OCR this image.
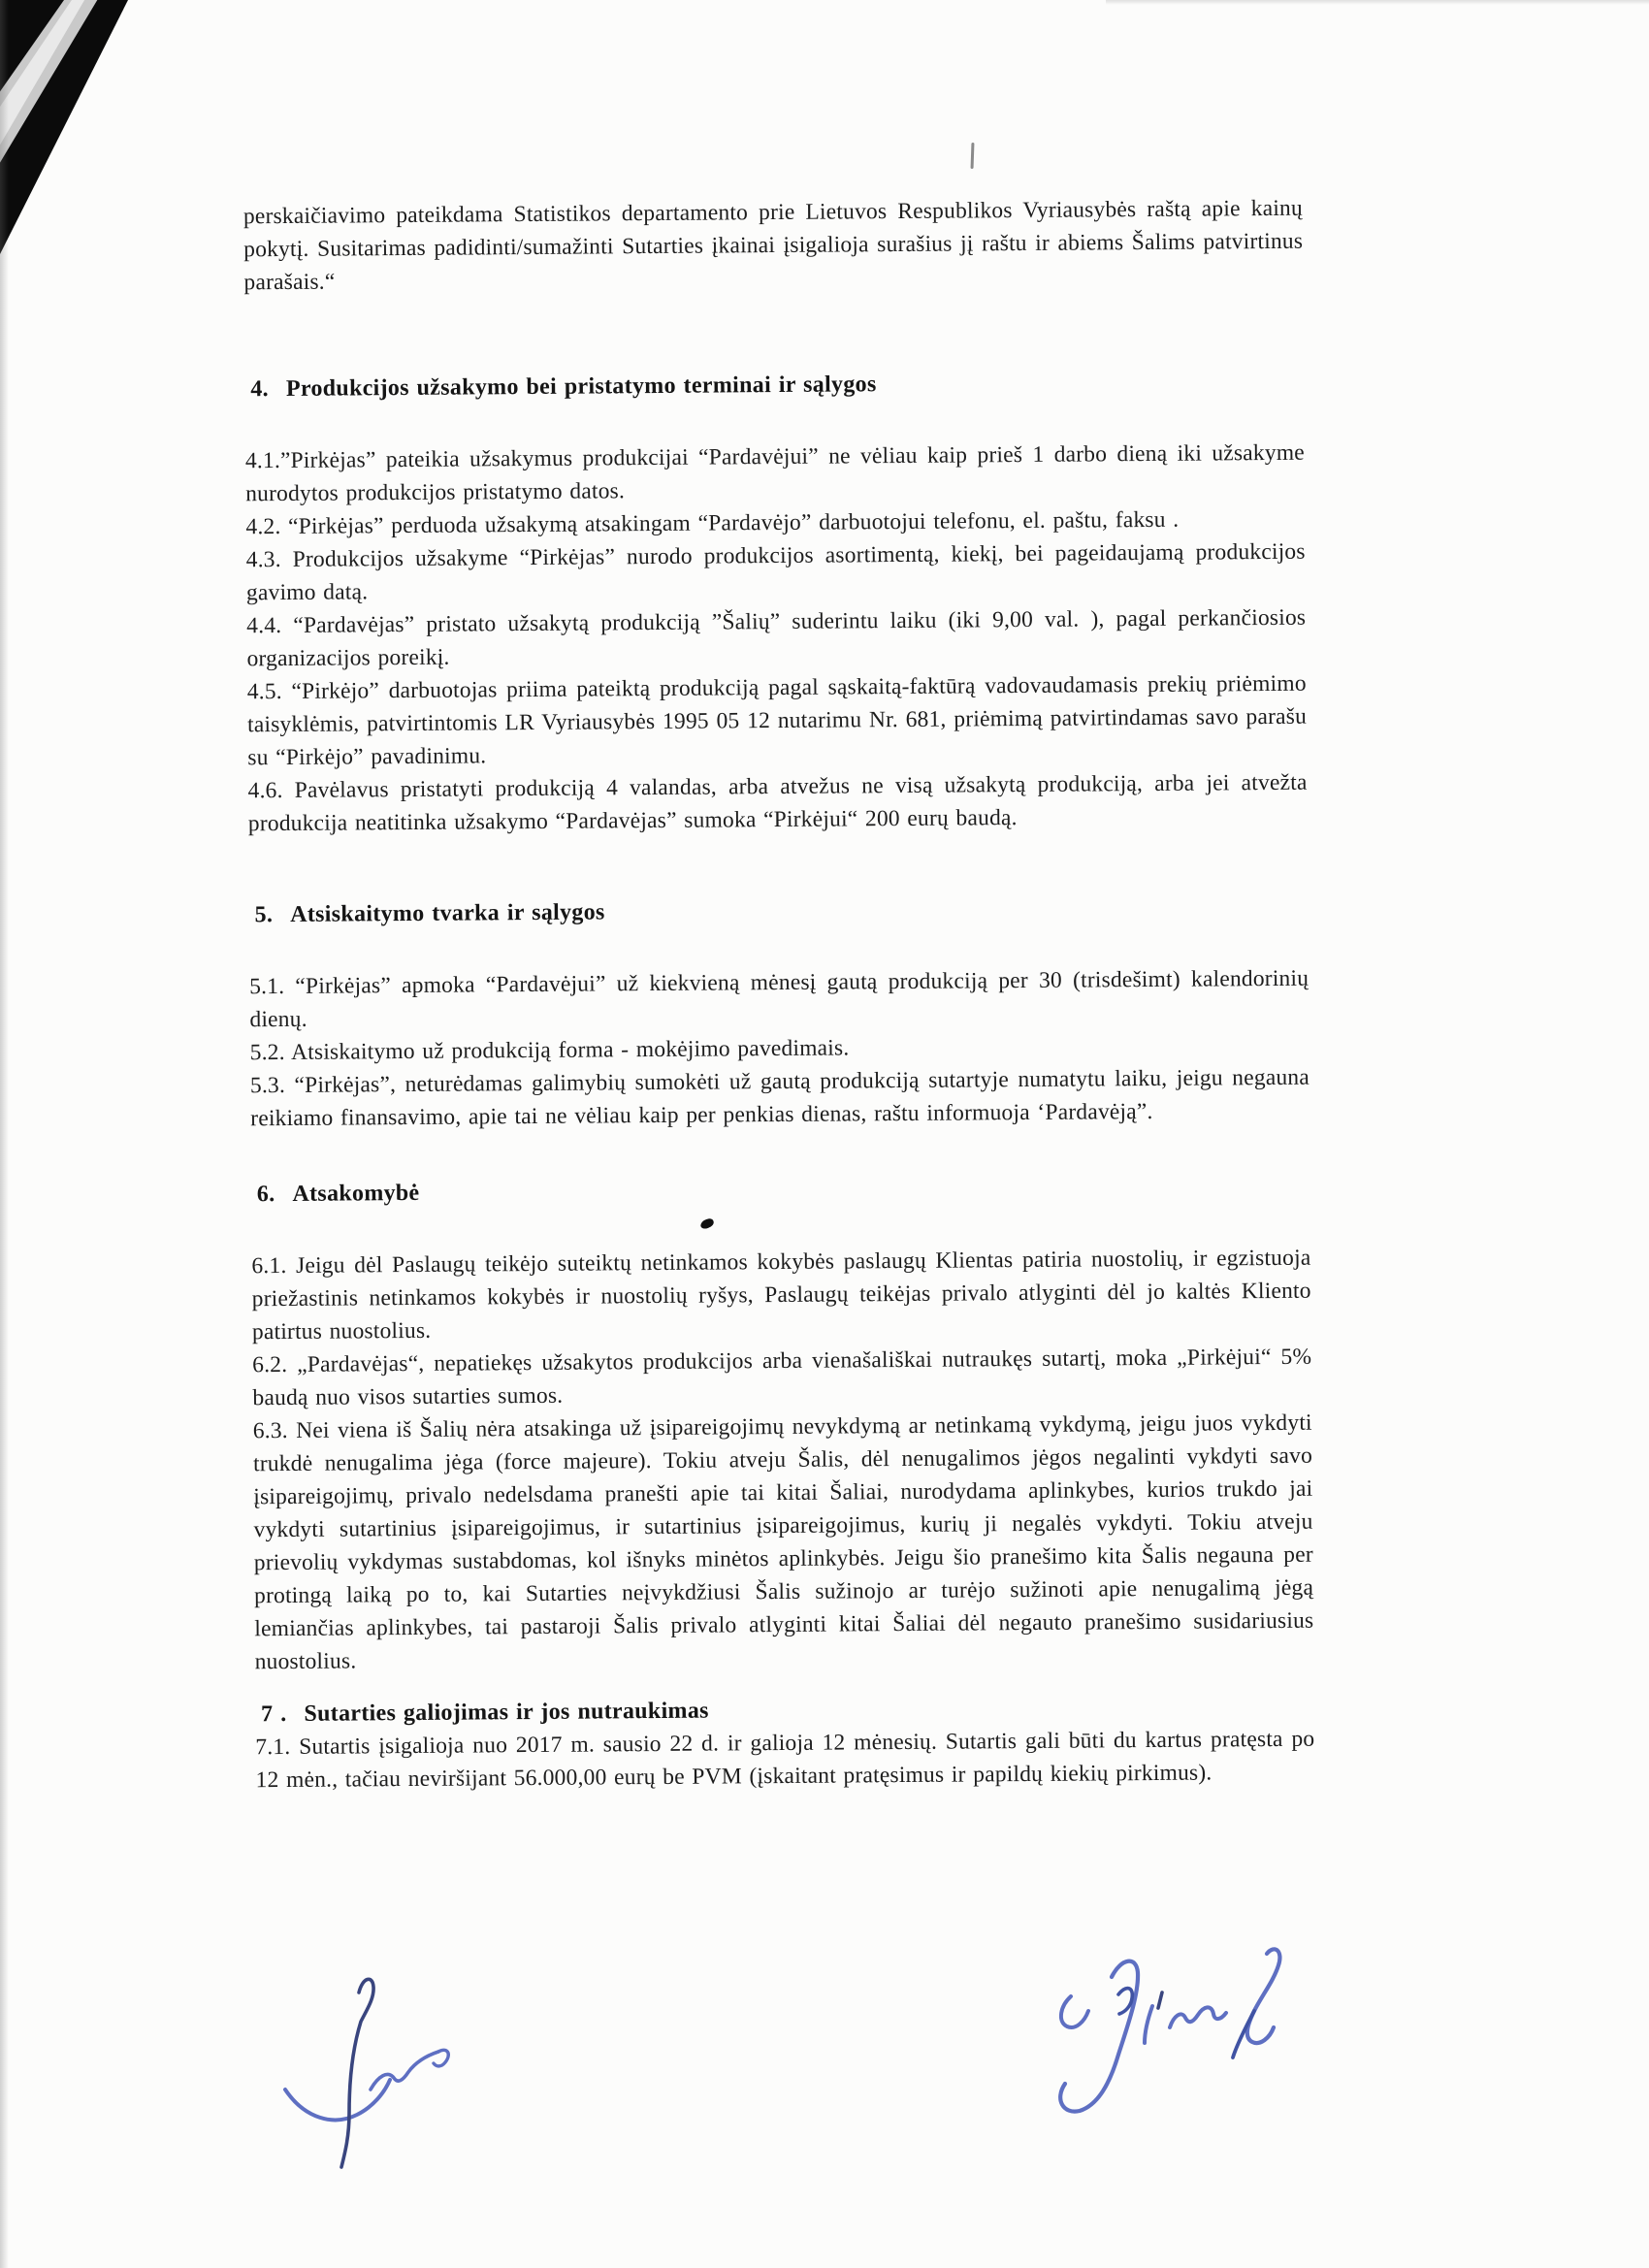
perskaičiavimo pateikdama Statistikos departamento prie Lietuvos Respublikos Vyriausybės raštą apie kainų pokytį. Susitarimas padidinti/sumažinti Sutarties įkainai įsigalioja surašius jį raštu ir abiems Šalims patvirtinus parašais.“

4. Produkcijos užsakymo bei pristatymo terminai ir sąlygos

4.1.”Pirkėjas” pateikia užsakymus produkcijai “Pardavėjui” ne vėliau kaip prieš 1 darbo dieną iki užsakyme nurodytos produkcijos pristatymo datos.

4.2. “Pirkėjas” perduoda užsakymą atsakingam “Pardavėjo” darbuotojui telefonu, el. paštu, faksu .

4.3. Produkcijos užsakyme “Pirkėjas” nurodo produkcijos asortimentą, kiekį, bei pageidaujamą produkcijos gavimo datą.

4.4. “Pardavėjas” pristato užsakytą produkciją ”Šalių” suderintu laiku (iki 9,00 val. ), pagal perkančiosios organizacijos poreikį.

4.5. “Pirkėjo” darbuotojas priima pateiktą produkciją pagal sąskaitą-faktūrą vadovaudamasis prekių priėmimo taisyklėmis, patvirtintomis LR Vyriausybės 1995 05 12 nutarimu Nr. 681, priėmimą patvirtindamas savo parašu su “Pirkėjo” pavadinimu.

4.6. Pavėlavus pristatyti produkciją 4 valandas, arba atvežus ne visą užsakytą produkciją, arba jei atvežta produkcija neatitinka užsakymo “Pardavėjas” sumoka “Pirkėjui“ 200 eurų baudą.

5. Atsiskaitymo tvarka ir sąlygos

5.1. “Pirkėjas” apmoka “Pardavėjui” už kiekvieną mėnesį gautą produkciją per 30 (trisdešimt) kalendorinių dienų.

5.2. Atsiskaitymo už produkciją forma - mokėjimo pavedimais.

5.3. “Pirkėjas”, neturėdamas galimybių sumokėti už gautą produkciją sutartyje numatytu laiku, jeigu negauna reikiamo finansavimo, apie tai ne vėliau kaip per penkias dienas, raštu informuoja ‘Pardavėją”.

6. Atsakomybė

6.1. Jeigu dėl Paslaugų teikėjo suteiktų netinkamos kokybės paslaugų Klientas patiria nuostolių, ir egzistuoja priežastinis netinkamos kokybės ir nuostolių ryšys, Paslaugų teikėjas privalo atlyginti dėl jo kaltės Kliento patirtus nuostolius.

6.2. „Pardavėjas“, nepatiekęs užsakytos produkcijos arba vienašališkai nutraukęs sutartį, moka „Pirkėjui“ 5% baudą nuo visos sutarties sumos.

6.3. Nei viena iš Šalių nėra atsakinga už įsipareigojimų nevykdymą ar netinkamą vykdymą, jeigu juos vykdyti trukdė nenugalima jėga (force majeure). Tokiu atveju Šalis, dėl nenugalimos jėgos negalinti vykdyti savo įsipareigojimų, privalo nedelsdama pranešti apie tai kitai Šaliai, nurodydama aplinkybes, kurios trukdo jai vykdyti sutartinius įsipareigojimus, ir sutartinius įsipareigojimus, kurių ji negalės vykdyti. Tokiu atveju prievolių vykdymas sustabdomas, kol išnyks minėtos aplinkybės. Jeigu šio pranešimo kita Šalis negauna per protingą laiką po to, kai Sutarties neįvykdžiusi Šalis sužinojo ar turėjo sužinoti apie nenugalimą jėgą lemiančias aplinkybes, tai pastaroji Šalis privalo atlyginti kitai Šaliai dėl negauto pranešimo susidariusius nuostolius.

7 . Sutarties galiojimas ir jos nutraukimas

7.1. Sutartis įsigalioja nuo 2017 m. sausio 22 d. ir galioja 12 mėnesių. Sutartis gali būti du kartus pratęsta po 12 mėn., tačiau neviršijant 56.000,00 eurų be PVM (įskaitant pratęsimus ir papildų kiekių pirkimus).
